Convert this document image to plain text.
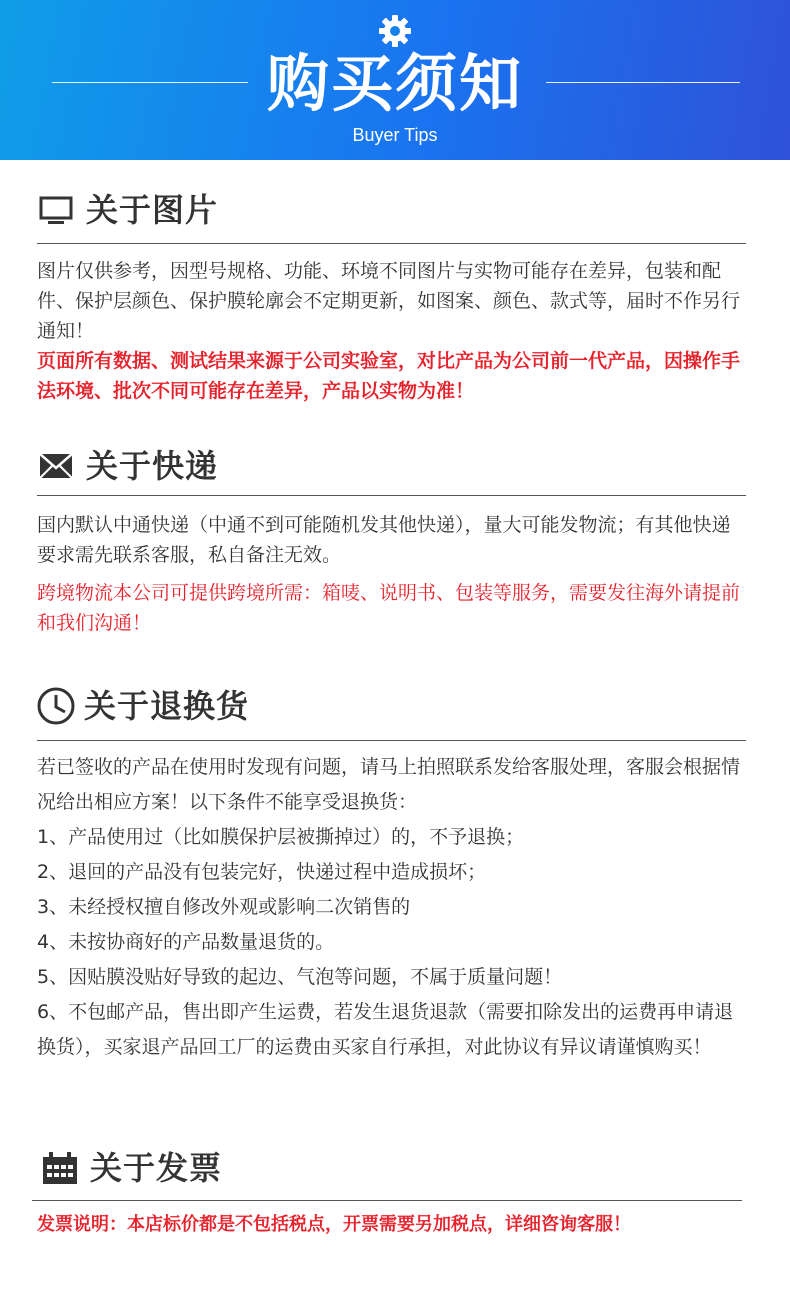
购买须知
Buyer Tips
关于图片

图片仅供参考，因型号规格、功能、环境不同图片与实物可能存在差异，包装和配件、保护层颜色、保护膜轮廓会不定期更新，如图案、颜色、款式等，届时不作另行通知！

页面所有数据、测试结果来源于公司实验室，对比产品为公司前一代产品，因操作手法环境、批次不同可能存在差异，产品以实物为准！

关于快递

国内默认中通快递（中通不到可能随机发其他快递），量大可能发物流；有其他快递要求需先联系客服，私自备注无效。

跨境物流本公司可提供跨境所需：箱唛、说明书、包装等服务，需要发往海外请提前和我们沟通！

关于退换货

若已签收的产品在使用时发现有问题，请马上拍照联系发给客服处理，客服会根据情况给出相应方案！以下条件不能享受退换货：

1、产品使用过（比如膜保护层被撕掉过）的，不予退换；

2、退回的产品没有包装完好，快递过程中造成损坏；

3、未经授权擅自修改外观或影响二次销售的

4、未按协商好的产品数量退货的。

5、因贴膜没贴好导致的起边、气泡等问题，不属于质量问题！

6、不包邮产品，售出即产生运费，若发生退货退款（需要扣除发出的运费再申请退换货），买家退产品回工厂的运费由买家自行承担，对此协议有异议请谨慎购买！

关于发票

发票说明：本店标价都是不包括税点，开票需要另加税点，详细咨询客服！
